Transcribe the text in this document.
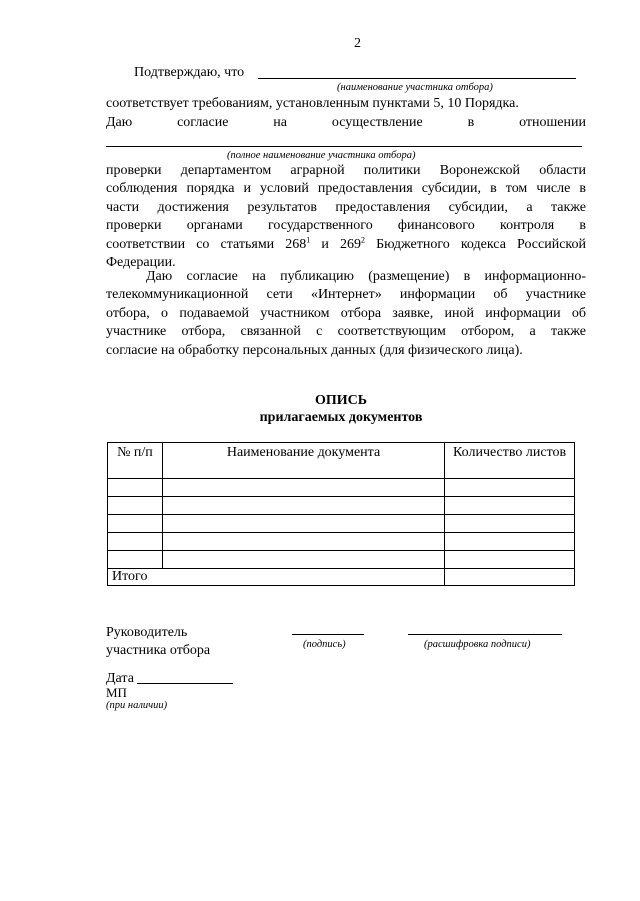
2
Подтверждаю, что
(наименование участника отбора)
соответствует требованиям, установленным пунктами 5, 10 Порядка.
Даю	согласие	на	осуществление	в	отношении
(полное наименование участника отбора)
проверки департаментом аграрной политики Воронежской области
соблюдения порядка и условий предоставления субсидии, в том числе в
части достижения результатов предоставления субсидии, а также
проверки органами государственного финансового контроля в
соответствии со статьями $268^1$ и $269^2$ Бюджетного кодекса Российской
Федерации.
Даю согласие на публикацию (размещение) в информационно-
телекоммуникационной сети «Интернет» информации об участнике
отбора, о подаваемой участником отбора заявке, иной информации об
участнике отбора, связанной с соответствующим отбором, а также
согласие на обработку персональных данных (для физического лица).
ОПИСЬ
прилагаемых документов
№ п/п	Наименование документа	Количество листов

Итого		
Руководитель
участника отбора	(подпись)	(расшифровка подписи)
Дата
МП
(при наличии)
